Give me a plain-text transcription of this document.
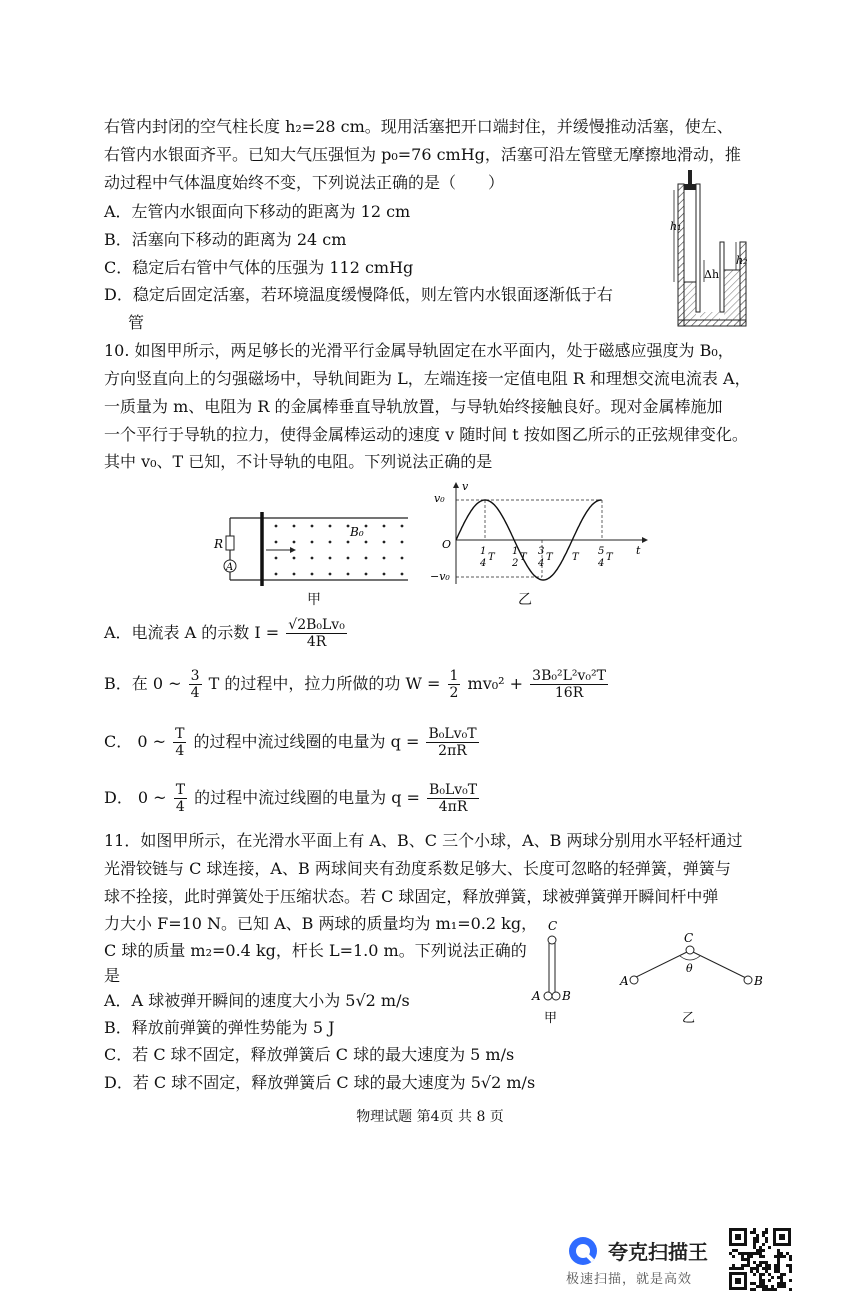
右管内封闭的空气柱长度 h₂=28 cm。现用活塞把开口端封住，并缓慢推动活塞，使左、
右管内水银面齐平。已知大气压强恒为 p₀=76 cmHg，活塞可沿左管壁无摩擦地滑动，推
动过程中气体温度始终不变，下列说法正确的是（　　）
A．左管内水银面向下移动的距离为 12 cm
B．活塞向下移动的距离为 24 cm
C．稳定后右管中气体的压强为 112 cmHg
D．稳定后固定活塞，若环境温度缓慢降低，则左管内水银面逐渐低于右
管
h₁
Δh
h₂
10. 如图甲所示，两足够长的光滑平行金属导轨固定在水平面内，处于磁感应强度为 B₀，
方向竖直向上的匀强磁场中，导轨间距为 L，左端连接一定值电阻 R 和理想交流电流表 A，
一质量为 m、电阻为 R 的金属棒垂直导轨放置，与导轨始终接触良好。现对金属棒施加
一个平行于导轨的拉力，使得金属棒运动的速度 v 随时间 t 按如图乙所示的正弦规律变化。
其中 v₀、T 已知，不计导轨的电阻。下列说法正确的是
R
A
B₀
甲
v
t
O
v₀
−v₀
1
4
T
1
2
T
3
4
T T
5
4
T
乙
A．电流表 A 的示数 $I = \frac{\text{√2B₀Lv₀}}{4R}$
B．在 0 ~ $\frac{3}{4}$ T 的过程中，拉力所做的功 $W = \frac{1}{2} mv_0^2 + \frac{\text{3B₀²L²v₀²T}}{16R}$
C． 0 ~ $\frac{T}{4}$ 的过程中流过线圈的电量为 $q = \frac{\text{B₀Lv₀T}}{2\pi R}$
D． 0 ~ $\frac{T}{4}$ 的过程中流过线圈的电量为 $q = \frac{\text{B₀Lv₀T}}{4\pi R}$
11．如图甲所示，在光滑水平面上有 A、B、C 三个小球，A、B 两球分别用水平轻杆通过
光滑铰链与 C 球连接，A、B 两球间夹有劲度系数足够大、长度可忽略的轻弹簧，弹簧与
球不拴接，此时弹簧处于压缩状态。若 C 球固定，释放弹簧，球被弹簧弹开瞬间杆中弹
力大小 F=10 N。已知 A、B 两球的质量均为 m₁=0.2 kg，
C 球的质量 m₂=0.4 kg，杆长 L=1.0 m。下列说法正确的
是
A．A 球被弹开瞬间的速度大小为 5√2 m/s
B．释放前弹簧的弹性势能为 5 J
C．若 C 球不固定，释放弹簧后 C 球的最大速度为 5 m/s
D．若 C 球不固定，释放弹簧后 C 球的最大速度为 5√2 m/s
C
A B
甲
C
θ
A	B
乙
物理试题 第4页 共 8 页
夸克扫描王
极速扫描，就是高效
